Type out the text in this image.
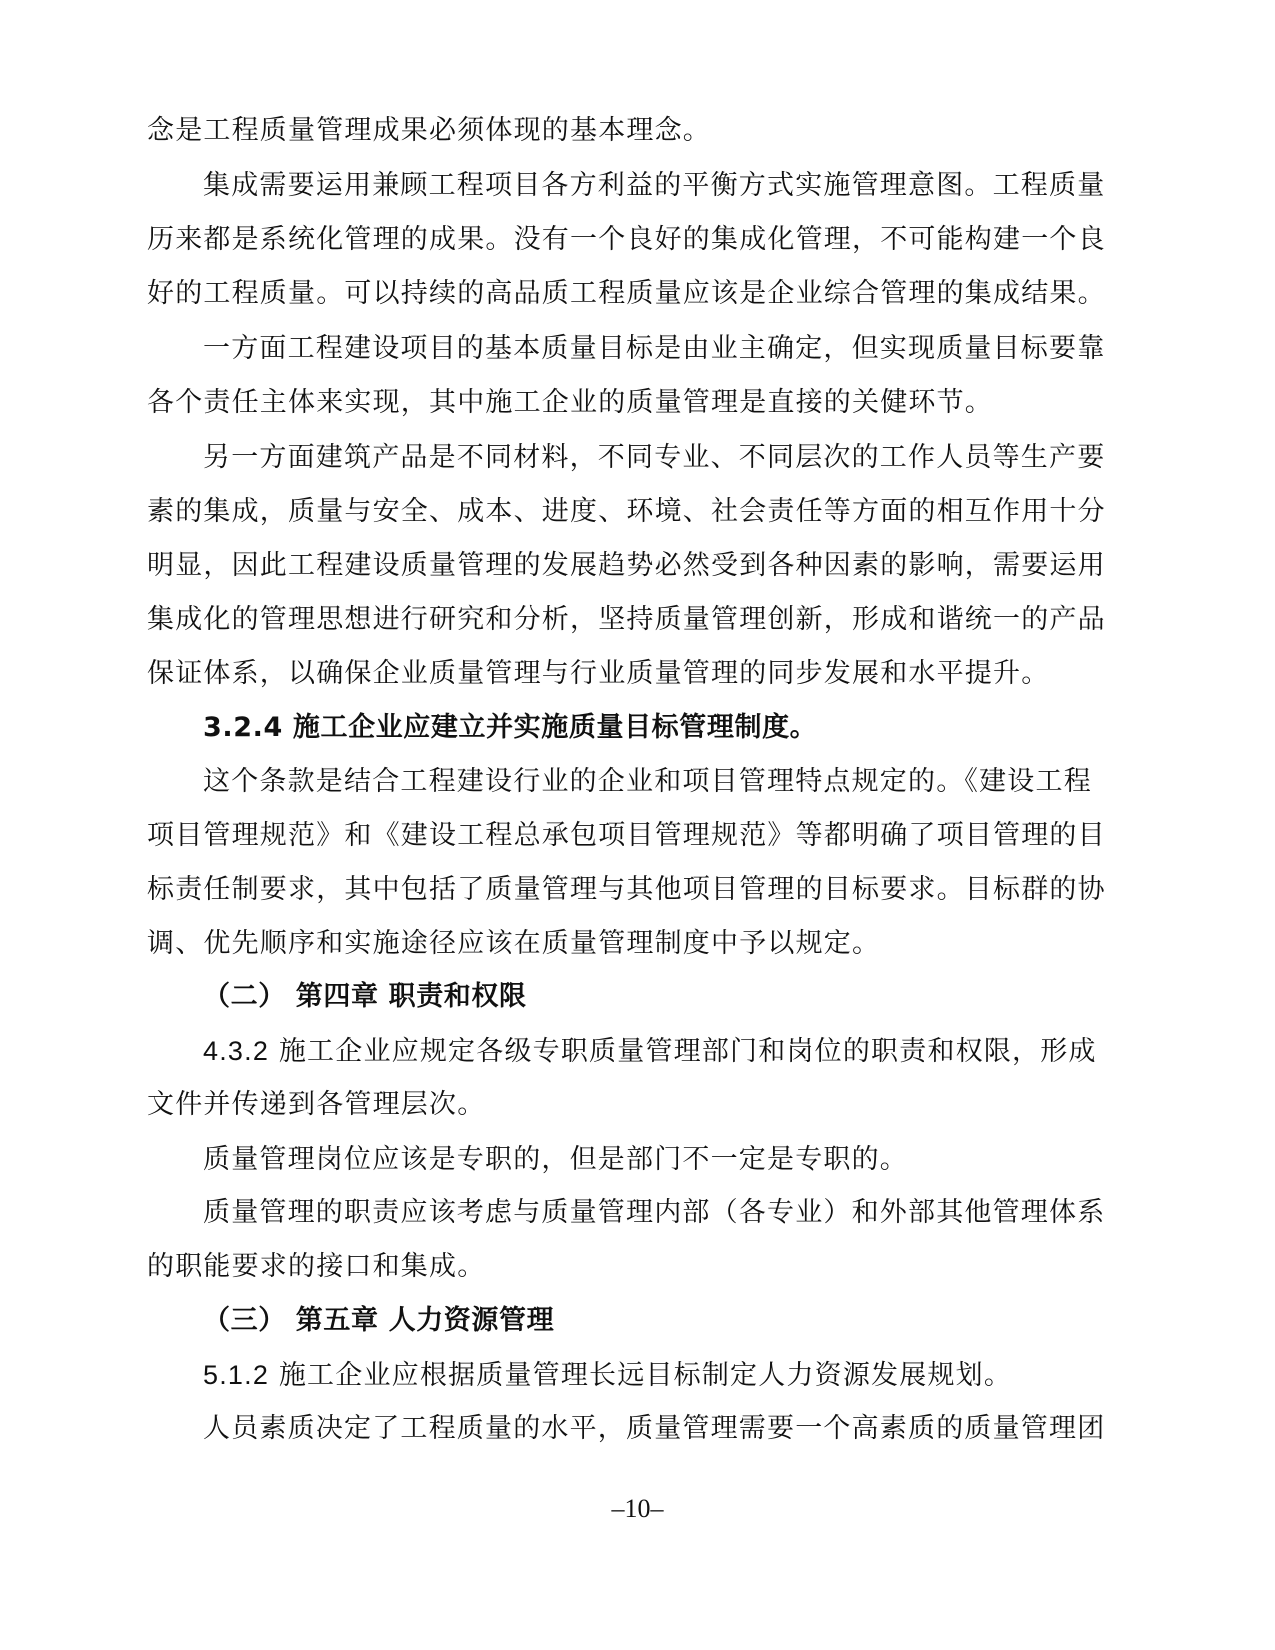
念是工程质量管理成果必须体现的基本理念。
集成需要运用兼顾工程项目各方利益的平衡方式实施管理意图。工程质量
历来都是系统化管理的成果。没有一个良好的集成化管理，不可能构建一个良
好的工程质量。可以持续的高品质工程质量应该是企业综合管理的集成结果。
一方面工程建设项目的基本质量目标是由业主确定，但实现质量目标要靠
各个责任主体来实现，其中施工企业的质量管理是直接的关健环节。
另一方面建筑产品是不同材料，不同专业、不同层次的工作人员等生产要
素的集成，质量与安全、成本、进度、环境、社会责任等方面的相互作用十分
明显，因此工程建设质量管理的发展趋势必然受到各种因素的影响，需要运用
集成化的管理思想进行研究和分析，坚持质量管理创新，形成和谐统一的产品
保证体系，以确保企业质量管理与行业质量管理的同步发展和水平提升。
3.2.4 施工企业应建立并实施质量目标管理制度。
这个条款是结合工程建设行业的企业和项目管理特点规定的。《建设工程
项目管理规范》和《建设工程总承包项目管理规范》等都明确了项目管理的目
标责任制要求，其中包括了质量管理与其他项目管理的目标要求。目标群的协
调、优先顺序和实施途径应该在质量管理制度中予以规定。
（二） 第四章 职责和权限
4.3.2 施工企业应规定各级专职质量管理部门和岗位的职责和权限，形成
文件并传递到各管理层次。
质量管理岗位应该是专职的，但是部门不一定是专职的。
质量管理的职责应该考虑与质量管理内部（各专业）和外部其他管理体系
的职能要求的接口和集成。
（三） 第五章 人力资源管理
5.1.2 施工企业应根据质量管理长远目标制定人力资源发展规划。
人员素质决定了工程质量的水平，质量管理需要一个高素质的质量管理团
–10–
